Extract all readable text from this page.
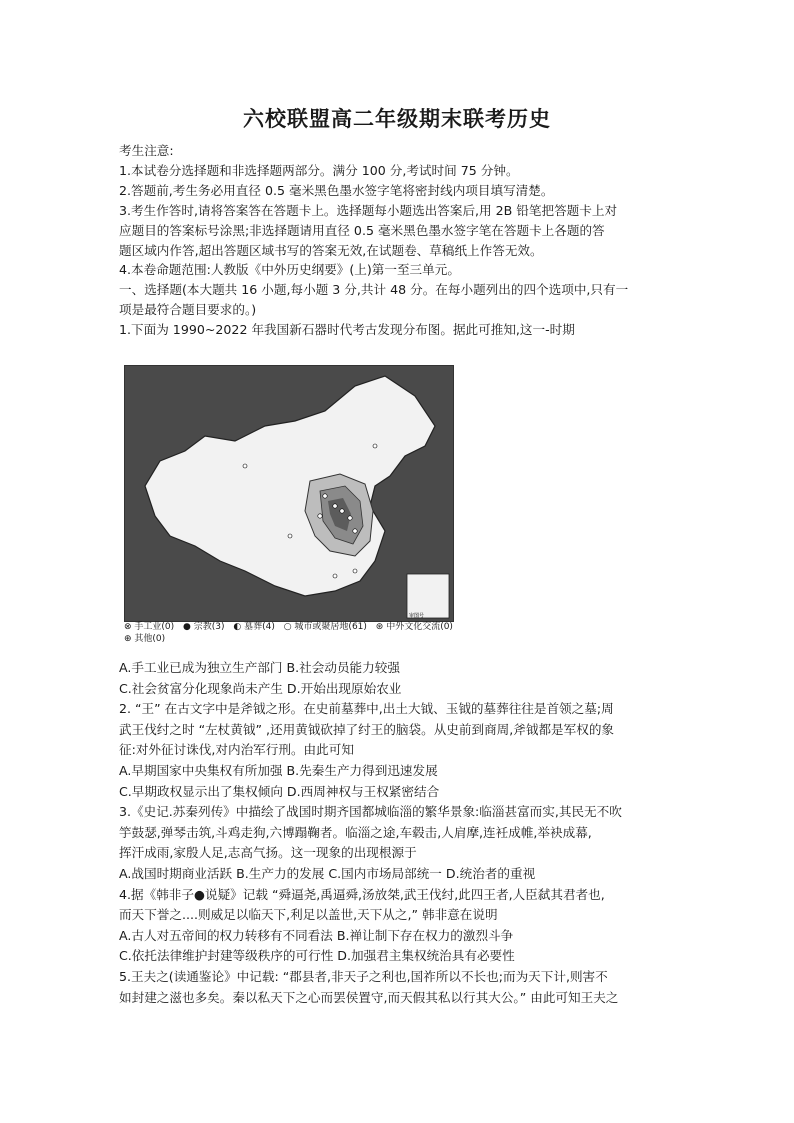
六校联盟高二年级期末联考历史

考生注意:

1.本试卷分选择题和非选择题两部分。满分 100 分,考试时间 75 分钟。

2.答题前,考生务必用直径 0.5 毫米黑色墨水签字笔将密封线内项目填写清楚。

3.考生作答时,请将答案答在答题卡上。选择题每小题选出答案后,用 2B 铅笔把答题卡上对

应题目的答案标号涂黑;非选择题请用直径 0.5 毫米黑色墨水签字笔在答题卡上各题的答

题区域内作答,超出答题区域书写的答案无效,在试题卷、草稿纸上作答无效。

4.本卷命题范围:人教版《中外历史纲要》(上)第一至三单元。

一、选择题(本大题共 16 小题,每小题 3 分,共计 48 分。在每小题列出的四个选项中,只有一

项是最符合题目要求的。)

1.下面为 1990~2022 年我国新石器时代考古发现分布图。据此可推知,这一-时期

审图号
⊗ 手工业(0) ● 宗教(3) ◐ 墓葬(4) ○ 城市或聚居地(61) ⊛ 中外文化交流(0)
⊕ 其他(0)

A.手工业已成为独立生产部门 B.社会动员能力较强

C.社会贫富分化现象尚未产生 D.开始出现原始农业

2. “王” 在古文字中是斧钺之形。在史前墓葬中,出土大钺、玉钺的墓葬往往是首领之墓;周

武王伐纣之时 “左杖黄钺” ,还用黄钺砍掉了纣王的脑袋。从史前到商周,斧钺都是军权的象

征:对外征讨诛伐,对内治军行刑。由此可知

A.早期国家中央集权有所加强 B.先秦生产力得到迅速发展

C.早期政权显示出了集权倾向 D.西周神权与王权紧密结合

3.《史记.苏秦列传》中描绘了战国时期齐国都城临淄的繁华景象:临淄甚富而实,其民无不吹

竽鼓瑟,弹琴击筑,斗鸡走狗,六博蹋鞠者。临淄之途,车毂击,人肩摩,连衽成帷,举袂成幕,

挥汗成雨,家殷人足,志高气扬。这一现象的出现根源于

A.战国时期商业活跃 B.生产力的发展 C.国内市场局部统一 D.统治者的重视

4.据《韩非子●说疑》记载 “舜逼尧,禹逼舜,汤放桀,武王伐纣,此四王者,人臣弑其君者也,

而天下誉之....则威足以临天下,利足以盖世,天下从之,” 韩非意在说明

A.古人对五帝间的权力转移有不同看法 B.禅让制下存在权力的激烈斗争

C.依托法律维护封建等级秩序的可行性 D.加强君主集权统治具有必要性

5.王夫之(读通鉴论》中记载: “郡县者,非天子之利也,国祚所以不长也;而为天下计,则害不

如封建之滋也多矣。秦以私天下之心而罢侯置守,而天假其私以行其大公。” 由此可知王夫之
